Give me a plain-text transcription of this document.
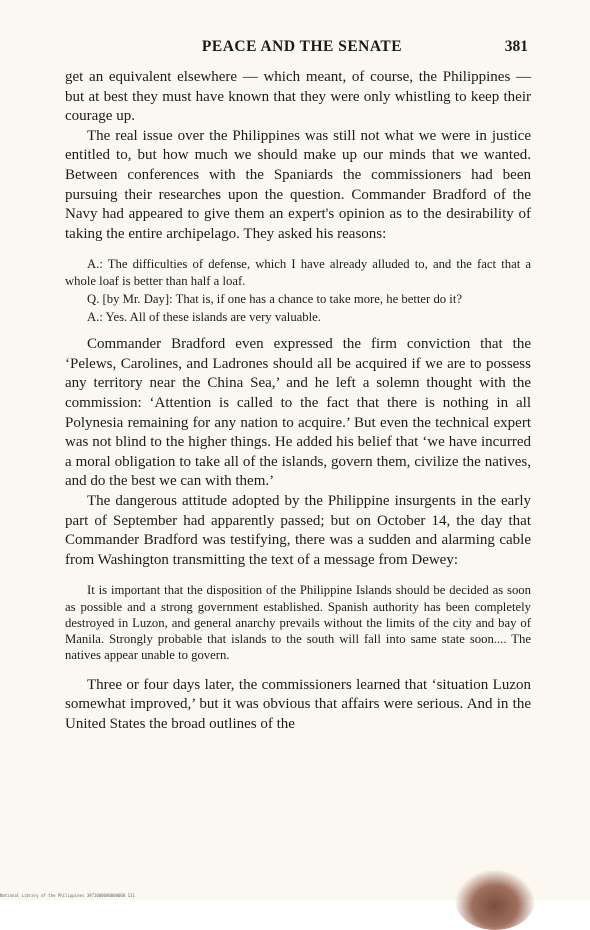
PEACE AND THE SENATE	381

get an equivalent elsewhere — which meant, of course, the Philippines — but at best they must have known that they were only whistling to keep their courage up.

The real issue over the Philippines was still not what we were in justice entitled to, but how much we should make up our minds that we wanted. Between conferences with the Spaniards the commissioners had been pursuing their researches upon the question. Commander Bradford of the Navy had appeared to give them an expert's opinion as to the desirability of taking the entire archipelago. They asked his reasons:

A.: The difficulties of defense, which I have already alluded to, and the fact that a whole loaf is better than half a loaf.
Q. [by Mr. Day]: That is, if one has a chance to take more, he better do it?
A.: Yes. All of these islands are very valuable.

Commander Bradford even expressed the firm conviction that the ‘Pelews, Carolines, and Ladrones should all be acquired if we are to possess any territory near the China Sea,’ and he left a solemn thought with the commission: ‘Attention is called to the fact that there is nothing in all Polynesia remaining for any nation to acquire.’ But even the technical expert was not blind to the higher things. He added his belief that ‘we have incurred a moral obligation to take all of the islands, govern them, civilize the natives, and do the best we can with them.’

The dangerous attitude adopted by the Philippine insurgents in the early part of September had apparently passed; but on October 14, the day that Commander Bradford was testifying, there was a sudden and alarming cable from Washington transmitting the text of a message from Dewey:

It is important that the disposition of the Philippine Islands should be decided as soon as possible and a strong government established. Spanish authority has been completely destroyed in Luzon, and general anarchy prevails without the limits of the city and bay of Manila. Strongly probable that islands to the south will fall into same state soon.... The natives appear unable to govern.

Three or four days later, the commissioners learned that ‘situation Luzon somewhat improved,’ but it was obvious that affairs were serious. And in the United States the broad outlines of the

National Library of the Philippines 3971000000000000 131
